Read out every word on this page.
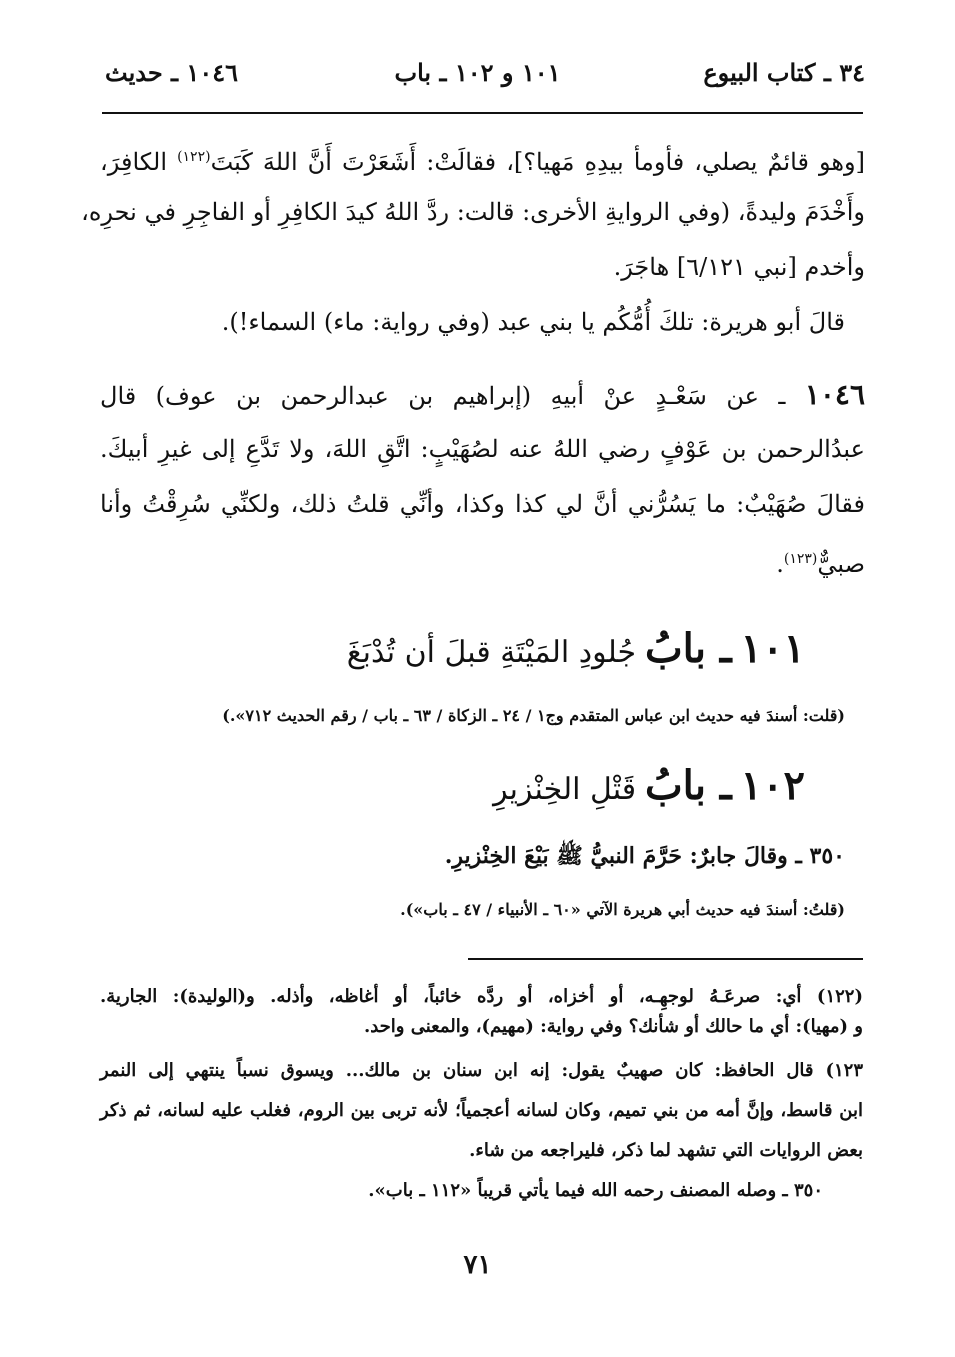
٣٤ ـ كتاب البيوع
١٠١ و ١٠٢ ـ باب
١٠٤٦ ـ حديث
[وهو قائمٌ يصلي، فأومأ بيدِهِ مَهيا؟]، فقالَتْ: أَشَعَرْتَ أَنَّ اللهَ كَبَتَ$^{(١٢٢)}$ الكافِرَ،
وأَخْدَمَ وليدةً، (وفي الروايةِ الأخرى: قالت: ردَّ اللهُ كيدَ الكافِرِ أو الفاجِرِ في نحرِه،
وأخدم [نبي ٦/١٢١] هاجَرَ.
قالَ أبو هريرة: تلكَ أُمُّكُم يا بني عبد (وفي رواية: ماء) السماء!).
١٠٤٦ ـ عن سَعْـدٍ عنْ أبيهِ (إبراهيم بن عبدالرحمن بن عوف) قال
عبدُالرحمن بن عَوْفٍ رضي اللهُ عنه لصُهَيْبٍ: اتَّقِ اللهَ، ولا تَدَّعِ إلى غيرِ أبيكَ.
فقالَ صُهَيْبٌ: ما يَسُرُّني أنَّ لي كذا وكذا، وأنِّي قلتُ ذلك، ولكنِّي سُرِقْتُ وأنا
صبيٌّ$^{(١٢٣)}$.
١٠١ ـ بابُ جُلودِ المَيْتَةِ قبلَ أن تُدْبَغَ
(قلت: أسندَ فيه حديث ابن عباس المتقدم وج١ / ٢٤ ـ الزكاة / ٦٣ ـ باب / رقم الحديث ٧١٢».)
١٠٢ ـ بابُ قَتْلِ الخِنْزيرِ
٣٥٠ ـ وقالَ جابرٌ: حَرَّمَ النبيُّ ﷺ بَيْعَ الخِنْزيرِ.
(قلتُ: أسندَ فيه حديث أبي هريرة الآتي «٦٠ ـ الأنبياء / ٤٧ ـ باب»).
(١٢٢) أي: صرعَـهُ لوجهِـه، أو أخزاه، أو ردَّه خائباً، أو أغاظه، وأذله. و(الوليدة): الجارية.
و (مهيا): أي ما حالك أو شأنك؟ وفي رواية: (مهيم)، والمعنى واحد.
١٢٣) قال الحافظ: كان صهيبٌ يقول: إنه ابن سنان بن مالك... ويسوق نسباً ينتهي إلى النمر
ابن قاسط، وإنَّ أمه من بني تميم، وكان لسانه أعجمياً؛ لأنه تربى بين الروم، فغلب عليه لسانه، ثم ذكر
بعض الروايات التي تشهد لما ذكر، فليراجعه من شاء.
٣٥٠ ـ وصله المصنف رحمه الله فيما يأتي قريباً «١١٢ ـ باب».
٧١
